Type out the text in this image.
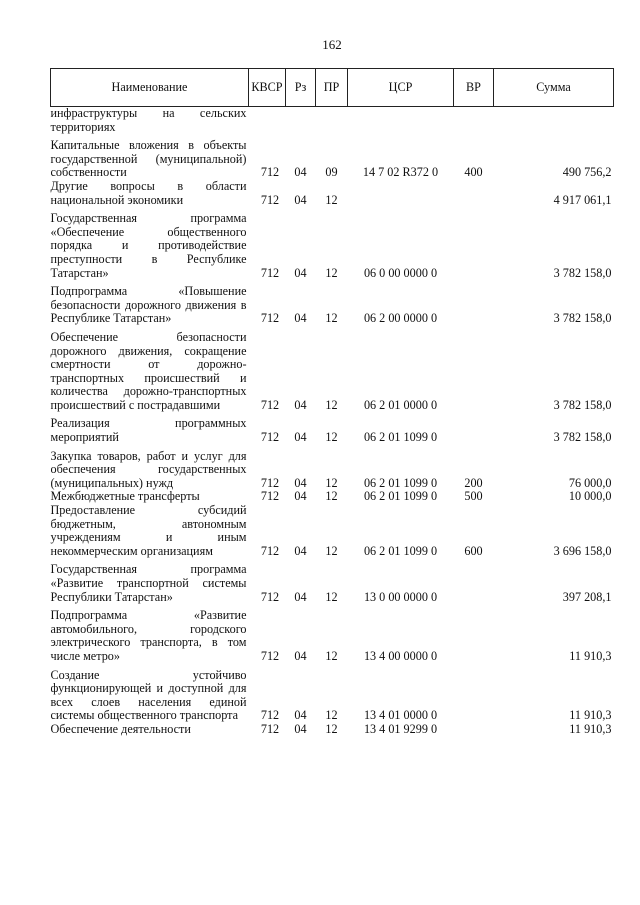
162
Наименование	КВСР	Рз	ПР	ЦСР	ВР	Сумма
инфраструктуры на сельских территориях						
Капитальные вложения в объекты государственной (муниципальной) собственности	712	04	09	14 7 02 R372 0	400	490 756,2
Другие вопросы в области национальной экономики	712	04	12			4 917 061,1
Государственная программа «Обеспечение общественного порядка и противодействие преступности в Республике Татарстан»	712	04	12	06 0 00 0000 0		3 782 158,0
Подпрограмма «Повышение безопасности дорожного движения в Республике Татарстан»	712	04	12	06 2 00 0000 0		3 782 158,0
Обеспечение безопасности дорожного движения, сокращение смертности от дорожно-транспортных происшествий и количества дорожно-транспортных происшествий с пострадавшими	712	04	12	06 2 01 0000 0		3 782 158,0
Реализация программных мероприятий	712	04	12	06 2 01 1099 0		3 782 158,0
Закупка товаров, работ и услуг для обеспечения государственных (муниципальных) нужд	712	04	12	06 2 01 1099 0	200	76 000,0
Межбюджетные трансферты	712	04	12	06 2 01 1099 0	500	10 000,0
Предоставление субсидий бюджетным, автономным учреждениям и иным некоммерческим организациям	712	04	12	06 2 01 1099 0	600	3 696 158,0
Государственная программа «Развитие транспортной системы Республики Татарстан»	712	04	12	13 0 00 0000 0		397 208,1
Подпрограмма «Развитие автомобильного, городского электрического транспорта, в том числе метро»	712	04	12	13 4 00 0000 0		11 910,3
Создание устойчиво функционирующей и доступной для всех слоев населения единой системы общественного транспорта	712	04	12	13 4 01 0000 0		11 910,3
Обеспечение деятельности	712	04	12	13 4 01 9299 0		11 910,3
